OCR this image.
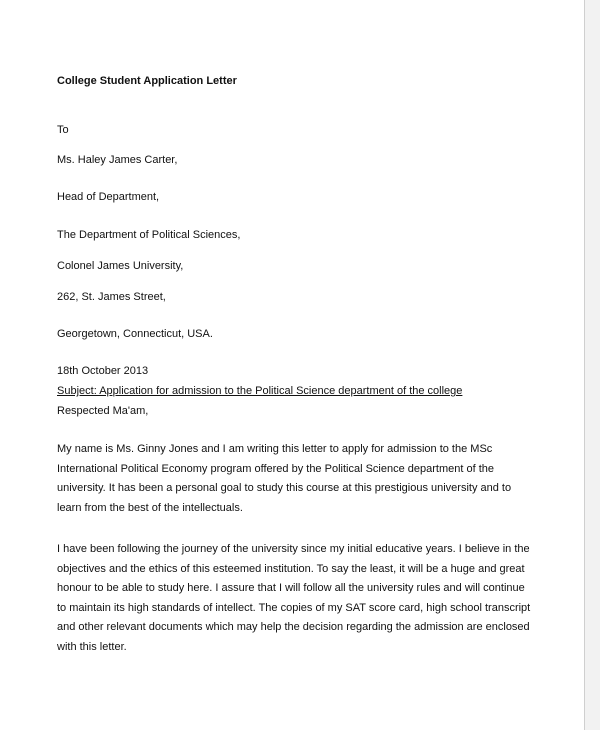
College Student Application Letter
To
Ms. Haley James Carter,
Head of Department,
The Department of Political Sciences,
Colonel James University,
262, St. James Street,
Georgetown, Connecticut, USA.
18th October 2013
Subject: Application for admission to the Political Science department of the college
Respected Ma'am,
My name is Ms. Ginny Jones and I am writing this letter to apply for admission to the MSc
International Political Economy program offered by the Political Science department of the
university. It has been a personal goal to study this course at this prestigious university and to
learn from the best of the intellectuals.
I have been following the journey of the university since my initial educative years. I believe in the
objectives and the ethics of this esteemed institution. To say the least, it will be a huge and great
honour to be able to study here. I assure that I will follow all the university rules and will continue
to maintain its high standards of intellect. The copies of my SAT score card, high school transcript
and other relevant documents which may help the decision regarding the admission are enclosed
with this letter.
